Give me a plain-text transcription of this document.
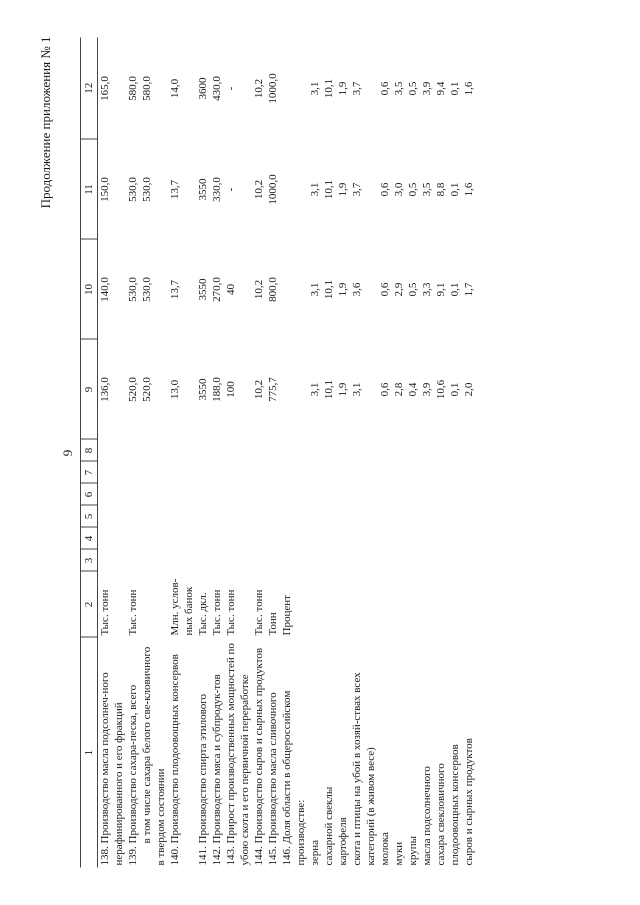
9
Продолжение приложения № 1
1	2	3	4	5	6	7	8	9	10	11	12
138.Производство масла подсолнеч-ного нерафинированного и его фракций	Тыс. тонн							136,0	140,0	150,0	165,0
139.Производство сахара-песка, всего	Тыс. тонн							520,0	530,0	530,0	580,0
в том числе сахара белого све-кловичного в твердом состоянии								520,0	530,0	530,0	580,0
140.Производство плодоовощных консервов	Млн. услов-ных банок							13,0	13,7	13,7	14,0
141.Производство спирта этилового	Тыс. дкл.							3550	3550	3550	3600
142.Производство мяса и субпродук-тов	Тыс. тонн							188,0	270,0	330,0	430,0
143.Прирост производственных мощностей по убою скота и его первичной переработке	Тыс. тонн							100	40	-	-
144.Производство сыров и сырных продуктов	Тыс. тонн							10,2	10,2	10,2	10,2
145.Производство масла сливочного	Тонн							775,7	800,0	1000,0	1000,0
146.Доля области в общероссийском производстве:	Процент										
зерна								3,1	3,1	3,1	3,1
сахарной свеклы								10,1	10,1	10,1	10,1
картофеля								1,9	1,9	1,9	1,9
скота и птицы на убой в хозяй-ствах всех категорий (в живом весе)								3,1	3,6	3,7	3,7
молока								0,6	0,6	0,6	0,6
муки								2,8	2,9	3,0	3,5
крупы								0,4	0,5	0,5	0,5
масла подсолнечного								3,9	3,3	3,5	3,9
сахара свекловичного								10,6	9,1	8,8	9,4
плодоовощных консервов								0,1	0,1	0,1	0,1
сыров и сырных продуктов								2,0	1,7	1,6	1,6
